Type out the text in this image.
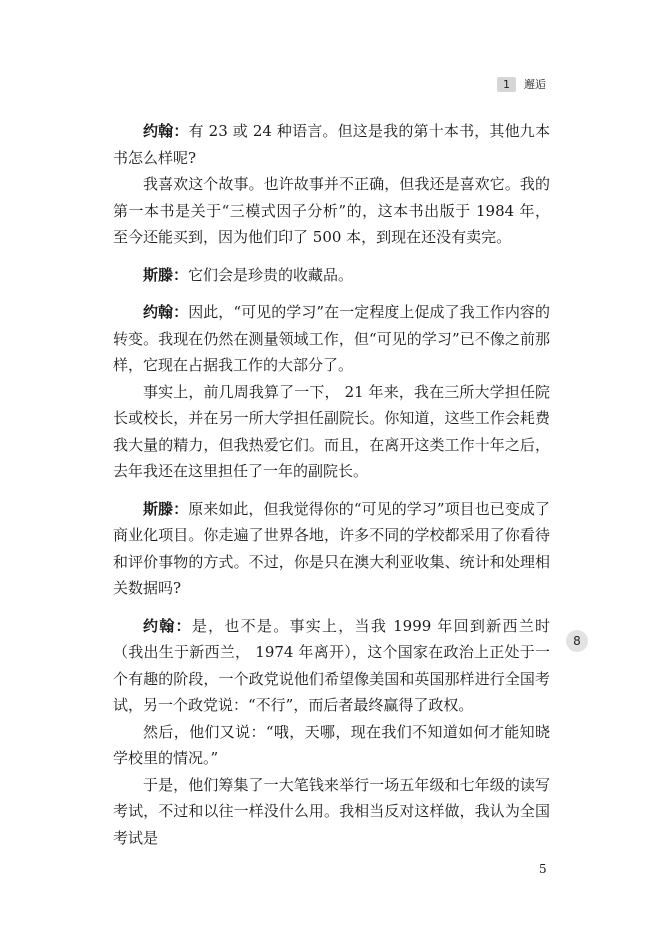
1	邂逅

约翰：有 23 或 24 种语言。但这是我的第十本书，其他九本书怎么样呢?

我喜欢这个故事。也许故事并不正确，但我还是喜欢它。我的第一本书是关于“三模式因子分析”的，这本书出版于 1984 年，至今还能买到，因为他们印了 500 本，到现在还没有卖完。

斯滕：它们会是珍贵的收藏品。

约翰：因此，“可见的学习”在一定程度上促成了我工作内容的转变。我现在仍然在测量领域工作，但“可见的学习”已不像之前那样，它现在占据我工作的大部分了。

事实上，前几周我算了一下， 21 年来，我在三所大学担任院长或校长，并在另一所大学担任副院长。你知道，这些工作会耗费我大量的精力，但我热爱它们。而且，在离开这类工作十年之后，去年我还在这里担任了一年的副院长。

斯滕：原来如此，但我觉得你的“可见的学习”项目也已变成了商业化项目。你走遍了世界各地，许多不同的学校都采用了你看待和评价事物的方式。不过，你是只在澳大利亚收集、统计和处理相关数据吗?

约翰：是，也不是。事实上，当我 1999 年回到新西兰时（我出生于新西兰， 1974 年离开），这个国家在政治上正处于一个有趣的阶段，一个政党说他们希望像美国和英国那样进行全国考试，另一个政党说：“不行”，而后者最终赢得了政权。

然后，他们又说：“哦，天哪，现在我们不知道如何才能知晓学校里的情况。”

于是，他们筹集了一大笔钱来举行一场五年级和七年级的读写考试，不过和以往一样没什么用。我相当反对这样做，我认为全国考试是

8
5
